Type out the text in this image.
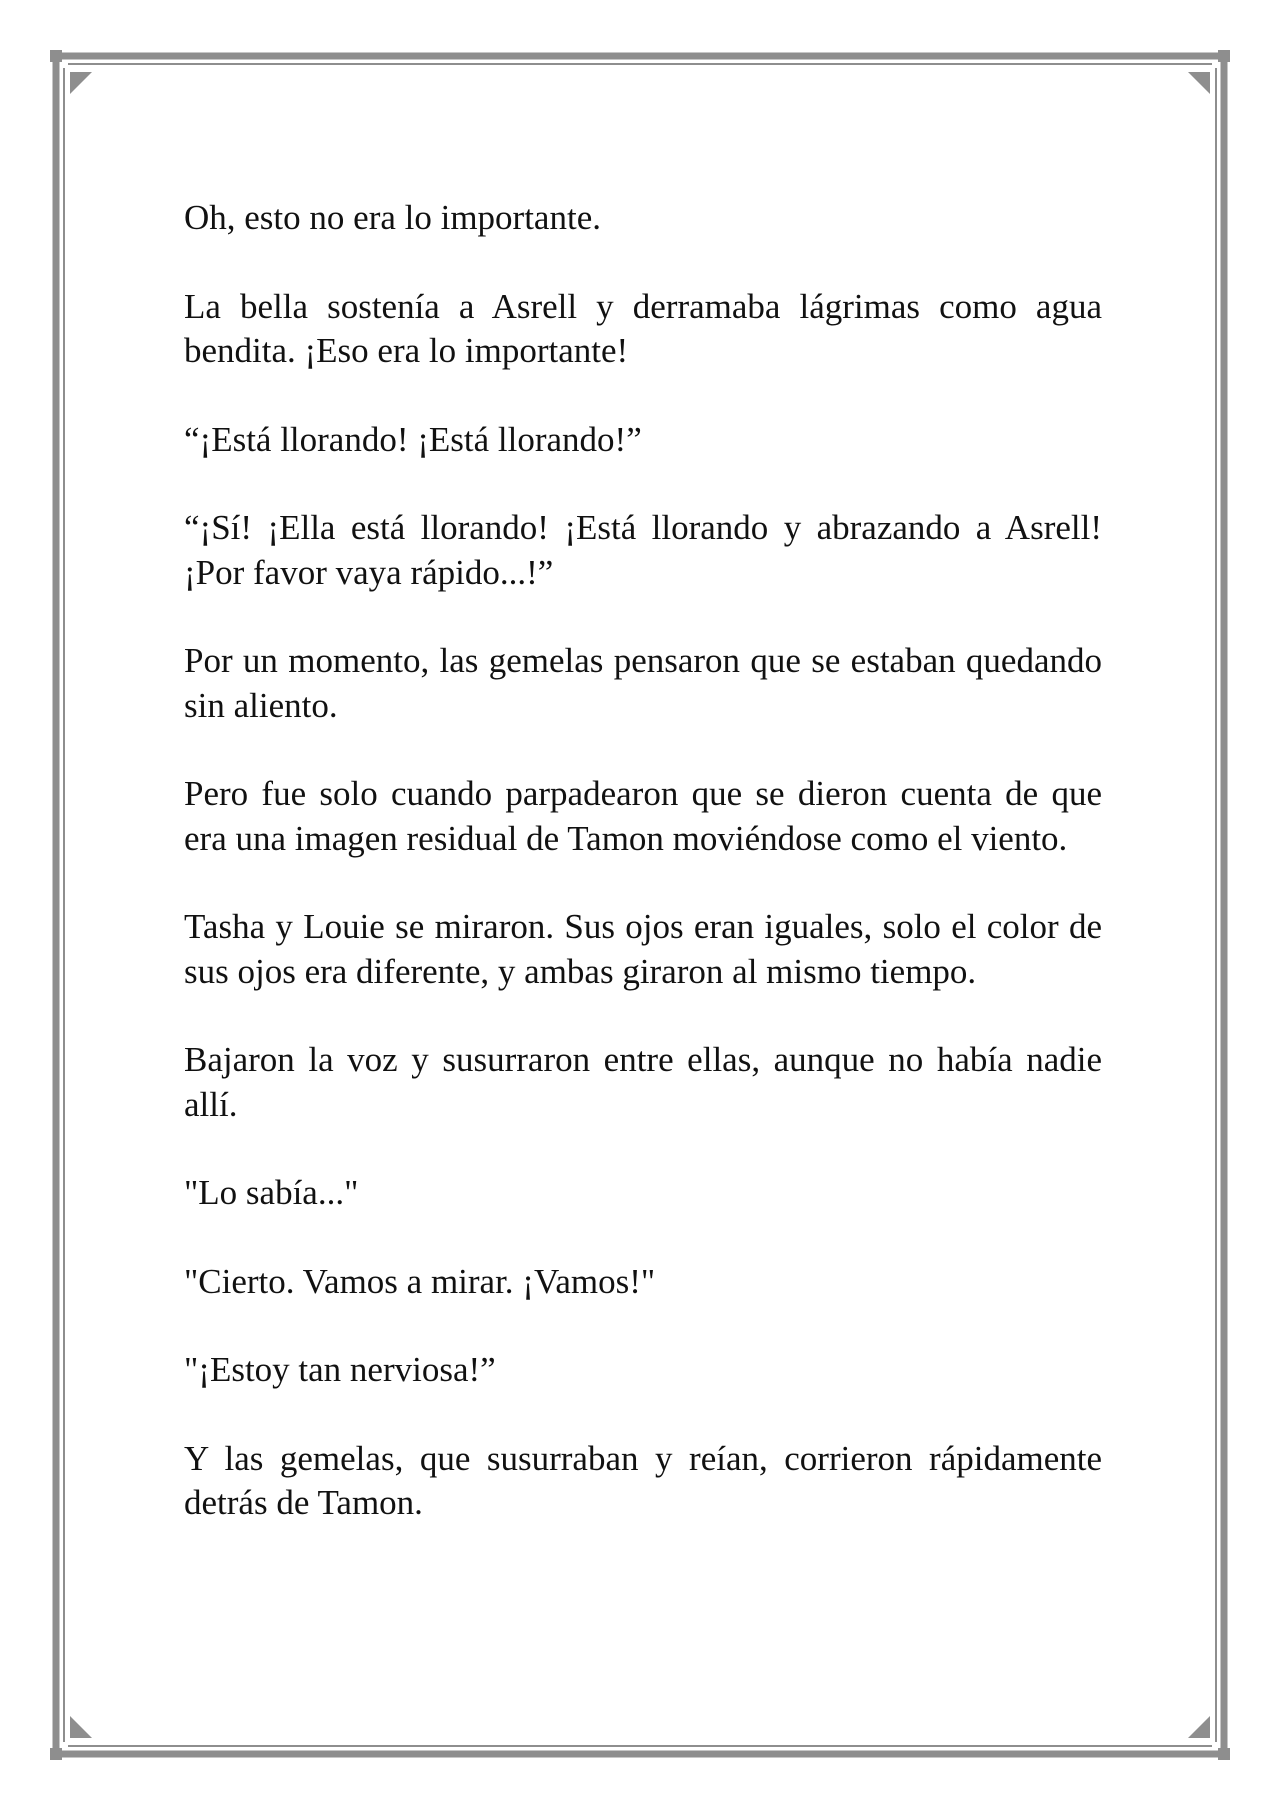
Oh, esto no era lo importante.

La bella sostenía a Asrell y derramaba lágrimas como agua bendita. ¡Eso era lo importante!

“¡Está llorando! ¡Está llorando!”

“¡Sí! ¡Ella está llorando! ¡Está llorando y abrazando a Asrell! ¡Por favor vaya rápido...!”

Por un momento, las gemelas pensaron que se estaban quedando sin aliento.

Pero fue solo cuando parpadearon que se dieron cuenta de que era una imagen residual de Tamon moviéndose como el viento.

Tasha y Louie se miraron. Sus ojos eran iguales, solo el color de sus ojos era diferente, y ambas giraron al mismo tiempo.

Bajaron la voz y susurraron entre ellas, aunque no había nadie allí.

"Lo sabía..."

"Cierto. Vamos a mirar. ¡Vamos!"

"¡Estoy tan nerviosa!”

Y las gemelas, que susurraban y reían, corrieron rápidamente detrás de Tamon.
